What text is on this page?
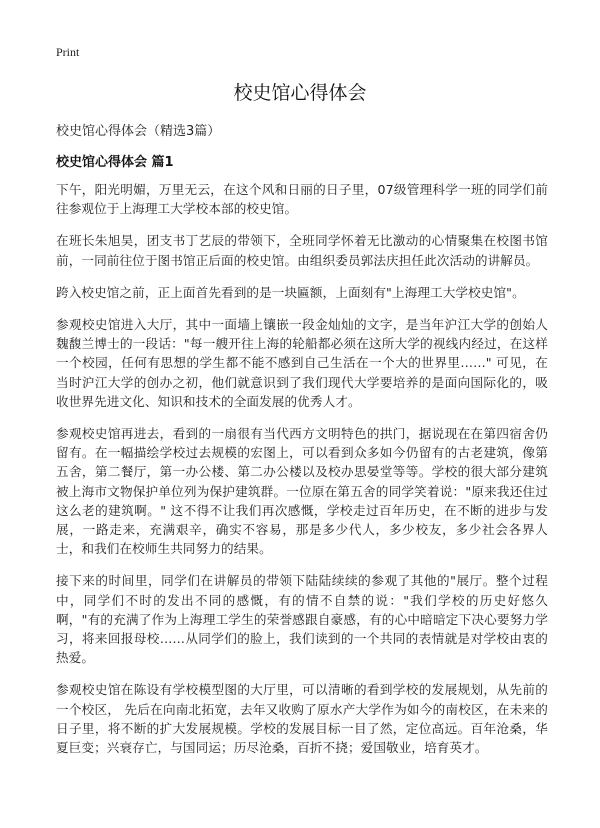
Print
校史馆心得体会
校史馆心得体会（精选3篇）
校史馆心得体会 篇1

下午，阳光明媚，万里无云，在这个风和日丽的日子里，07级管理科学一班的同学们前往参观位于上海理工大学校本部的校史馆。

在班长朱旭昊，团支书丁艺辰的带领下，全班同学怀着无比激动的心情聚集在校图书馆前，一同前往位于图书馆正后面的校史馆。由组织委员郭法庆担任此次活动的讲解员。

跨入校史馆之前，正上面首先看到的是一块匾额，上面刻有"上海理工大学校史馆"。

参观校史馆进入大厅，其中一面墙上镶嵌一段金灿灿的文字，是当年沪江大学的创始人魏馥兰博士的一段话："每一艘开往上海的轮船都必须在这所大学的视线内经过，在这样一个校园，任何有思想的学生都不能不感到自己生活在一个大的世界里……" 可见，在当时沪江大学的创办之初，他们就意识到了我们现代大学要培养的是面向国际化的，吸收世界先进文化、知识和技术的全面发展的优秀人才。

参观校史馆再进去，看到的一扇很有当代西方文明特色的拱门，据说现在在第四宿舍仍留有。在一幅描绘学校过去规模的宏图上，可以看到众多如今仍留有的古老建筑，像第五舍，第二餐厅，第一办公楼、第二办公楼以及校办思晏堂等等。学校的很大部分建筑被上海市文物保护单位列为保护建筑群。一位原在第五舍的同学笑着说："原来我还住过这么老的建筑啊。" 这不得不让我们再次感慨，学校走过百年历史，在不断的进步与发展，一路走来，充满艰辛，确实不容易，那是多少代人，多少校友，多少社会各界人士，和我们在校师生共同努力的结果。

接下来的时间里，同学们在讲解员的带领下陆陆续续的参观了其他的"展厅。整个过程中，同学们不时的发出不同的感慨，有的情不自禁的说："我们学校的历史好悠久啊，"有的充满了作为上海理工学生的荣誉感跟自豪感，有的心中暗暗定下决心要努力学习，将来回报母校……从同学们的脸上，我们读到的一个共同的表情就是对学校由衷的热爱。

参观校史馆在陈设有学校模型图的大厅里，可以清晰的看到学校的发展规划，从先前的一个校区， 先后在向南北拓宽，去年又收购了原水产大学作为如今的南校区，在未来的日子里，将不断的扩大发展规模。学校的发展目标一目了然，定位高远。百年沧桑，华夏巨变；兴衰存亡，与国同运；历尽沧桑，百折不挠；爱国敬业，培育英才。
